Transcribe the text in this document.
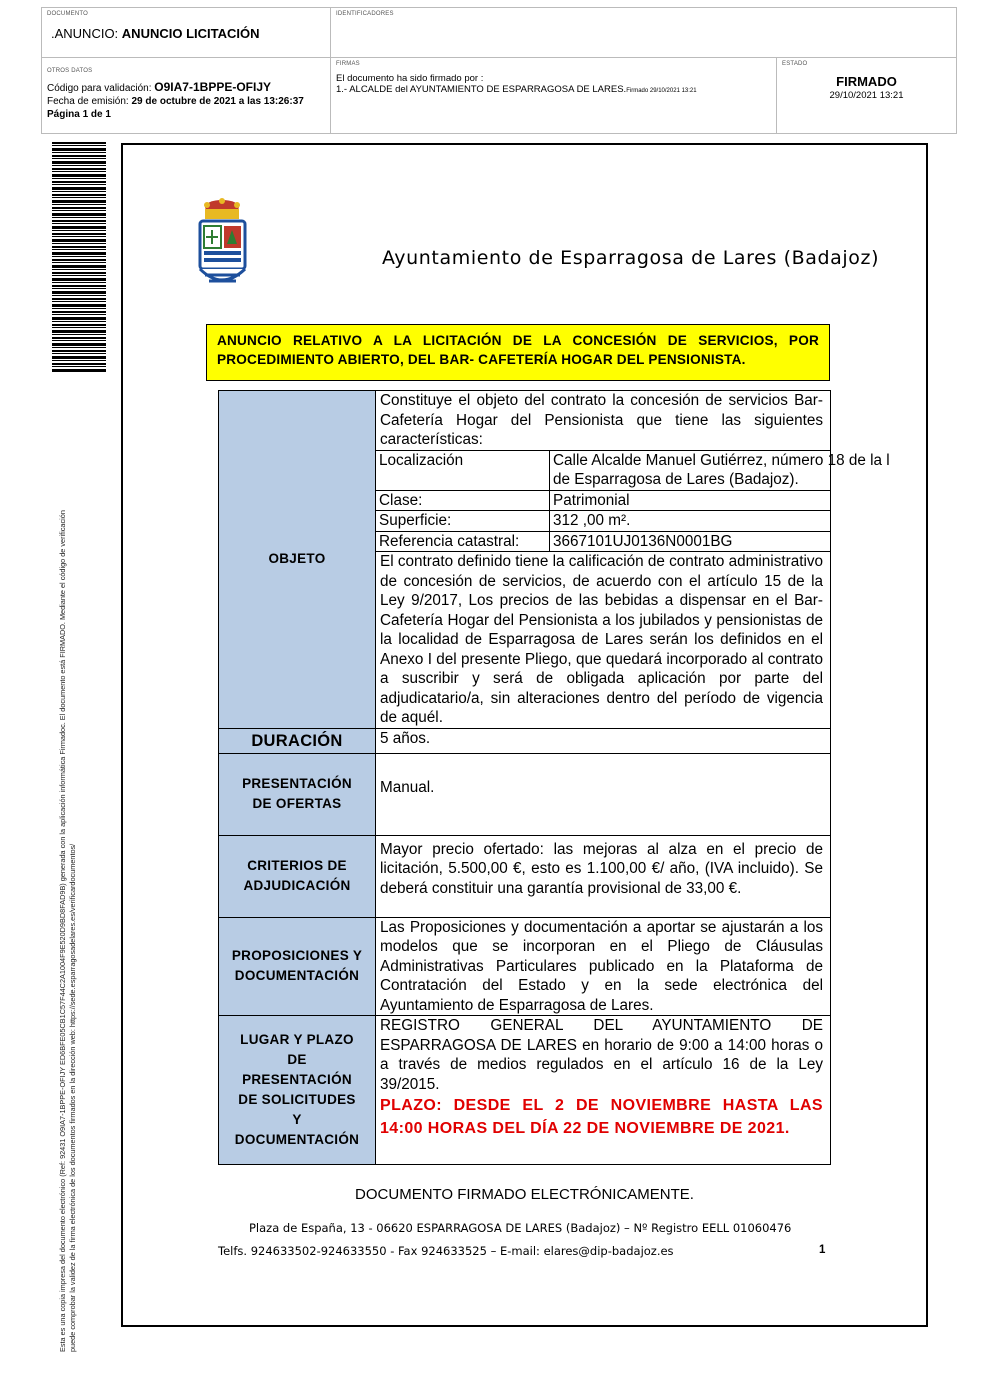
DOCUMENTO
.ANUNCIO: ANUNCIO LICITACIÓN
IDENTIFICADORES
OTROS DATOS
Código para validación: O9IA7-1BPPE-OFIJY
Fecha de emisión: 29 de octubre de 2021 a las 13:26:37
Página 1 de 1
FIRMAS
El documento ha sido firmado por :
1.- ALCALDE del AYUNTAMIENTO DE ESPARRAGOSA DE LARES.Firmado 29/10/2021 13:21
ESTADO
FIRMADO
29/10/2021 13:21
Esta es una copia impresa del documento electrónico (Ref: 92431 O9IA7-1BPPE-OFIJY ED6BFE05CB1C57F44C2A1004F9E520D9BD8FAD9B) generada con la aplicación informática Firmadoc. El documento está FIRMADO. Mediante el código de verificación puede comprobar la validez de la firma electrónica de los documentos firmados en la dirección web: https://sede.esparragosadelares.es/verificardocumentos/
Ayuntamiento de Esparragosa de Lares (Badajoz)
ANUNCIO RELATIVO A LA LICITACIÓN DE LA CONCESIÓN DE SERVICIOS, POR PROCEDIMIENTO ABIERTO, DEL BAR- CAFETERÍA HOGAR DEL PENSIONISTA.
OBJETO	
Constituye el objeto del contrato la concesión de servicios Bar-Cafetería Hogar del Pensionista que tiene las siguientes características:
Localización	Calle Alcalde Manuel Gutiérrez, número 18 de la l
de Esparragosa de Lares (Badajoz).

Clase:	Patrimonial
Superficie:	312 ,00 m².
Referencia catastral:	3667101UJ0136N0001BG
El contrato definido tiene la calificación de contrato administrativo de concesión de servicios, de acuerdo con el artículo 15 de la Ley 9/2017, Los precios de las bebidas a dispensar en el Bar-Cafetería Hogar del Pensionista a los jubilados y pensionistas de la localidad de Esparragosa de Lares serán los definidos en el Anexo I del presente Pliego, que quedará incorporado al contrato a suscribir y será de obligada aplicación por parte del adjudicatario/a, sin alteraciones dentro del período de vigencia de aquél.

DURACIÓN	5 años.

PRESENTACIÓN
DE OFERTAS
	Manual.

CRITERIOS DE
ADJUDICACIÓN
	Mayor precio ofertado: las mejoras al alza en el precio de licitación, 5.500,00 €, esto es 1.100,00 €/ año, (IVA incluido). Se deberá constituir una garantía provisional de 33,00 €.

PROPOSICIONES Y
DOCUMENTACIÓN
	Las Proposiciones y documentación a aportar se ajustarán a los modelos que se incorporan en el Pliego de Cláusulas Administrativas Particulares publicado en la Plataforma de Contratación del Estado y en la sede electrónica del Ayuntamiento de Esparragosa de Lares.

LUGAR Y PLAZO
DE
PRESENTACIÓN
DE SOLICITUDES
Y
DOCUMENTACIÓN

REGISTRO GENERAL DEL AYUNTAMIENTO DE ESPARRAGOSA DE LARES en horario de 9:00 a 14:00 horas o a través de medios regulados en el artículo 16 de la Ley 39/2015.
PLAZO: DESDE EL 2 DE NOVIEMBRE HASTA LAS 14:00 HORAS DEL DÍA 22 DE NOVIEMBRE DE 2021.
DOCUMENTO FIRMADO ELECTRÓNICAMENTE.
Plaza de España, 13 - 06620 ESPARRAGOSA DE LARES (Badajoz) – Nº Registro EELL 01060476
Telfs. 924633502-924633550 - Fax 924633525 – E-mail: elares@dip-badajoz.es	1
